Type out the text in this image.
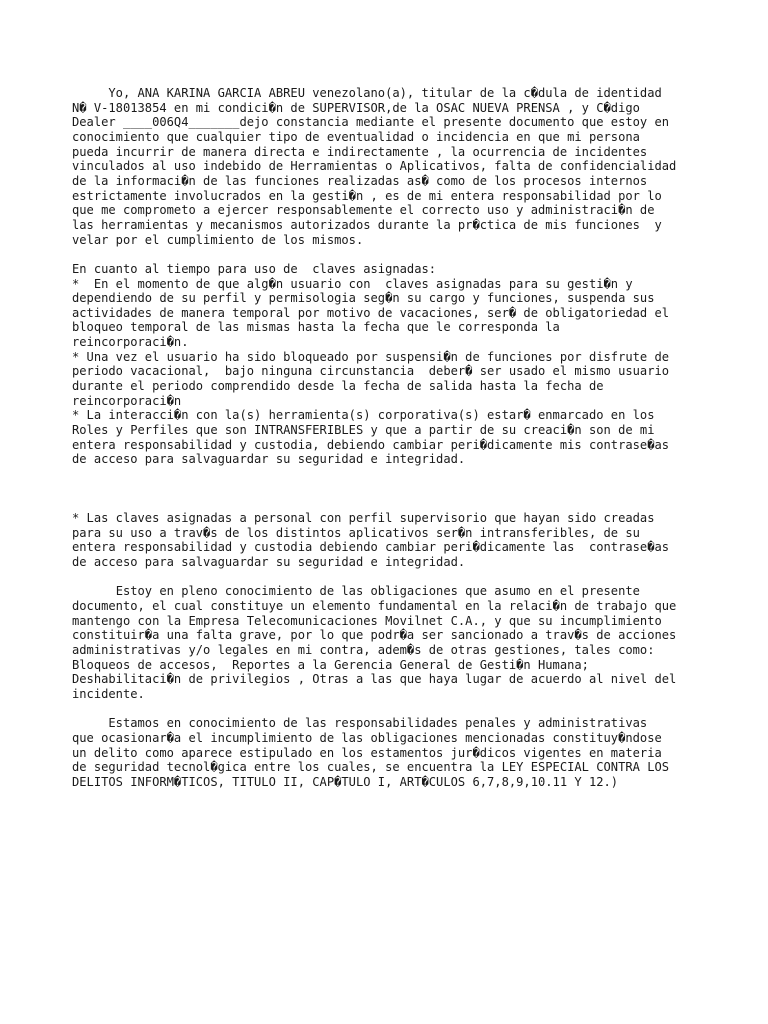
Yo, ANA KARINA GARCIA ABREU venezolano(a), titular de la c�dula de identidad
N� V-18013854 en mi condici�n de SUPERVISOR,de la OSAC NUEVA PRENSA , y C�digo
Dealer ____006Q4_______dejo constancia mediante el presente documento que estoy en
conocimiento que cualquier tipo de eventualidad o incidencia en que mi persona
pueda incurrir de manera directa e indirectamente , la ocurrencia de incidentes
vinculados al uso indebido de Herramientas o Aplicativos, falta de confidencialidad
de la informaci�n de las funciones realizadas as� como de los procesos internos
estrictamente involucrados en la gesti�n , es de mi entera responsabilidad por lo
que me comprometo a ejercer responsablemente el correcto uso y administraci�n de
las herramientas y mecanismos autorizados durante la pr�ctica de mis funciones  y
velar por el cumplimiento de los mismos.

En cuanto al tiempo para uso de  claves asignadas:
*  En el momento de que alg�n usuario con  claves asignadas para su gesti�n y
dependiendo de su perfil y permisologia seg�n su cargo y funciones, suspenda sus
actividades de manera temporal por motivo de vacaciones, ser� de obligatoriedad el
bloqueo temporal de las mismas hasta la fecha que le corresponda la
reincorporaci�n.
* Una vez el usuario ha sido bloqueado por suspensi�n de funciones por disfrute de
periodo vacacional,  bajo ninguna circunstancia  deber� ser usado el mismo usuario
durante el periodo comprendido desde la fecha de salida hasta la fecha de
reincorporaci�n
* La interacci�n con la(s) herramienta(s) corporativa(s) estar� enmarcado en los
Roles y Perfiles que son INTRANSFERIBLES y que a partir de su creaci�n son de mi
entera responsabilidad y custodia, debiendo cambiar peri�dicamente mis contrase�as
de acceso para salvaguardar su seguridad e integridad.

* Las claves asignadas a personal con perfil supervisorio que hayan sido creadas
para su uso a trav�s de los distintos aplicativos ser�n intransferibles, de su
entera responsabilidad y custodia debiendo cambiar peri�dicamente las  contrase�as
de acceso para salvaguardar su seguridad e integridad.

Estoy en pleno conocimiento de las obligaciones que asumo en el presente
documento, el cual constituye un elemento fundamental en la relaci�n de trabajo que
mantengo con la Empresa Telecomunicaciones Movilnet C.A., y que su incumplimiento
constituir�a una falta grave, por lo que podr�a ser sancionado a trav�s de acciones
administrativas y/o legales en mi contra, adem�s de otras gestiones, tales como:
Bloqueos de accesos,  Reportes a la Gerencia General de Gesti�n Humana;
Deshabilitaci�n de privilegios , Otras a las que haya lugar de acuerdo al nivel del
incidente.

Estamos en conocimiento de las responsabilidades penales y administrativas
que ocasionar�a el incumplimiento de las obligaciones mencionadas constituy�ndose
un delito como aparece estipulado en los estamentos jur�dicos vigentes en materia
de seguridad tecnol�gica entre los cuales, se encuentra la LEY ESPECIAL CONTRA LOS
DELITOS INFORM�TICOS, TITULO II, CAP�TULO I, ART�CULOS 6,7,8,9,10.11 Y 12.)
